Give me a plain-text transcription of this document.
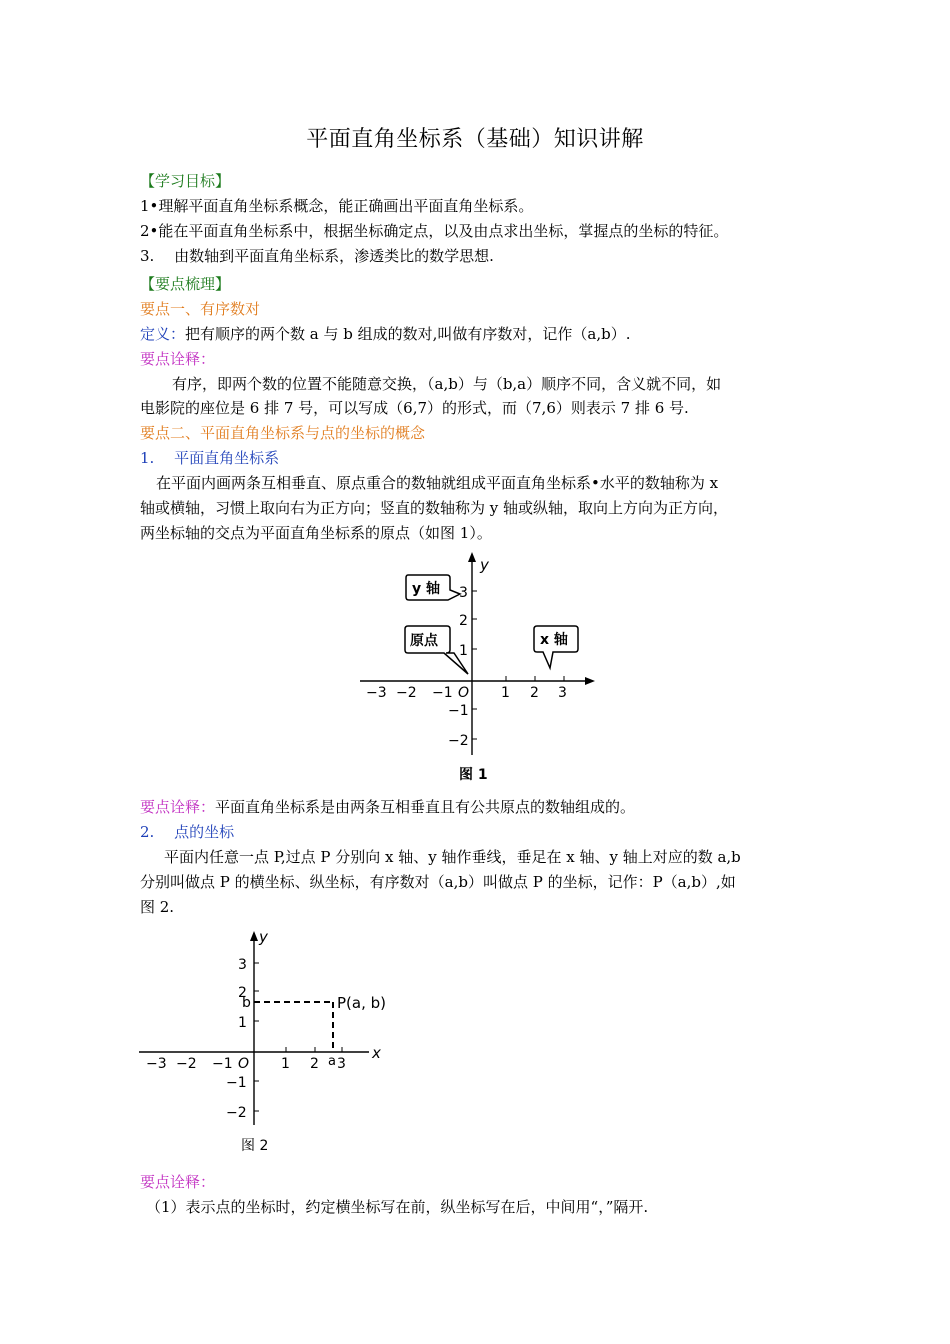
平面直角坐标系（基础）知识讲解
【学习目标】
1•理解平面直角坐标系概念，能正确画出平面直角坐标系。
2•能在平面直角坐标系中，根据坐标确定点，以及由点求出坐标，掌握点的坐标的特征。
3.　 由数轴到平面直角坐标系，渗透类比的数学思想.
【要点梳理】
要点一、有序数对
定义：把有顺序的两个数 a 与 b 组成的数对,叫做有序数对，记作（a,b）.
要点诠释：
有序，即两个数的位置不能随意交换，（a,b）与（b,a）顺序不同，含义就不同，如
电影院的座位是 6 排 7 号，可以写成（6,7）的形式，而（7,6）则表示 7 排 6 号.
要点二、平面直角坐标系与点的坐标的概念
1.　 平面直角坐标系
在平面内画两条互相垂直、原点重合的数轴就组成平面直角坐标系•水平的数轴称为 x
轴或横轴，习惯上取向右为正方向；竖直的数轴称为 y 轴或纵轴，取向上方向为正方向，
两坐标轴的交点为平面直角坐标系的原点（如图 1）。
y
3
2
1
−1
−2
−3 −2 −1 O 1 2 3
y 轴
原点	x 轴
图 1
要点诠释：平面直角坐标系是由两条互相垂直且有公共原点的数轴组成的。
2.　 点的坐标
平面内任意一点 P,过点 P 分别向 x 轴、y 轴作垂线，垂足在 x 轴、y 轴上对应的数 a,b
分别叫做点 P 的横坐标、纵坐标，有序数对（a,b）叫做点 P 的坐标，记作：P（a,b）,如
图 2.
y
x
3
2
b
1
−1
−2
−3 −2 −1 O 1 2 a 3
P(a, b)
图 2
要点诠释：
（1）表示点的坐标时，约定横坐标写在前，纵坐标写在后，中间用“，”隔开.
